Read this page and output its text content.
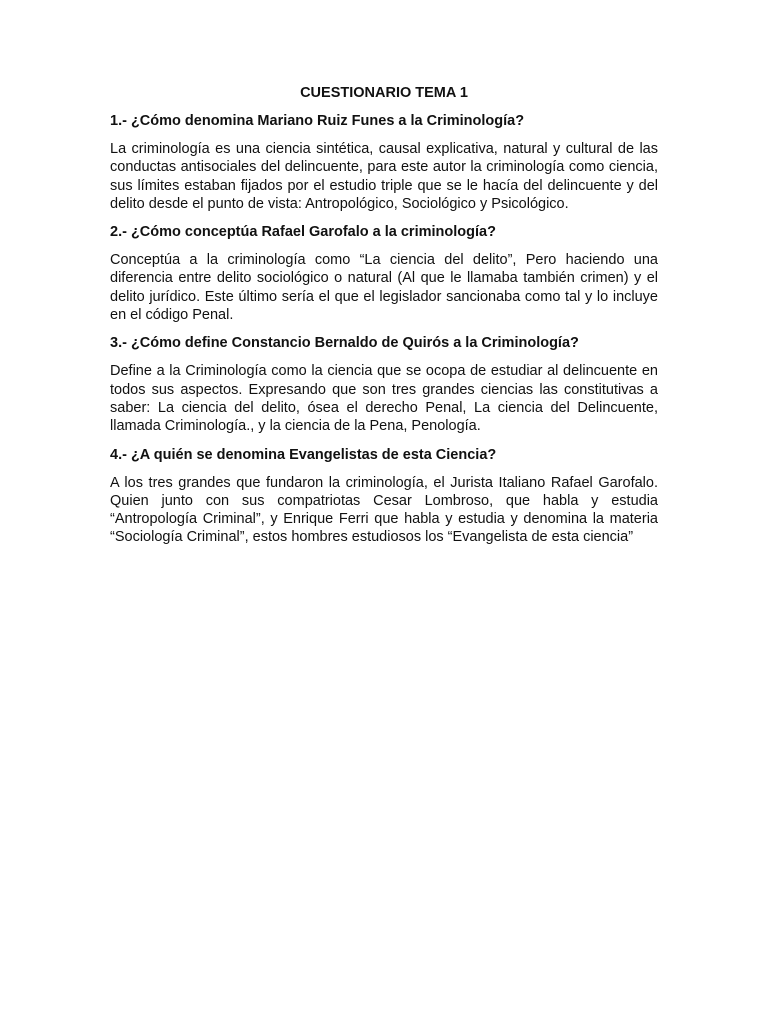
CUESTIONARIO TEMA 1
1.- ¿Cómo denomina Mariano Ruiz Funes a la Criminología?
La criminología es una ciencia sintética, causal explicativa, natural y cultural de las conductas antisociales del delincuente, para este autor la criminología como ciencia, sus límites estaban fijados por el estudio triple que se le hacía del delincuente y del delito desde el punto de vista: Antropológico, Sociológico y Psicológico.
2.- ¿Cómo conceptúa Rafael Garofalo a la criminología?
Conceptúa a la criminología como “La ciencia del delito”, Pero haciendo una diferencia entre delito sociológico o natural (Al que le llamaba también crimen) y el delito jurídico. Este último sería el que el legislador sancionaba como tal y lo incluye en el código Penal.
3.- ¿Cómo define Constancio Bernaldo de Quirós a la Criminología?
Define a la Criminología como la ciencia que se ocopa de estudiar al delincuente en todos sus aspectos. Expresando que son tres grandes ciencias las constitutivas a saber: La ciencia del delito, ósea el derecho Penal, La ciencia del Delincuente, llamada Criminología., y la ciencia de la Pena, Penología.
4.- ¿A quién se denomina Evangelistas de esta Ciencia?
A los tres grandes que fundaron la criminología, el Jurista Italiano Rafael Garofalo. Quien junto con sus compatriotas Cesar Lombroso, que habla y estudia “Antropología Criminal”, y Enrique Ferri que habla y estudia y denomina la materia “Sociología Criminal”, estos hombres estudiosos los “Evangelista de esta ciencia”
